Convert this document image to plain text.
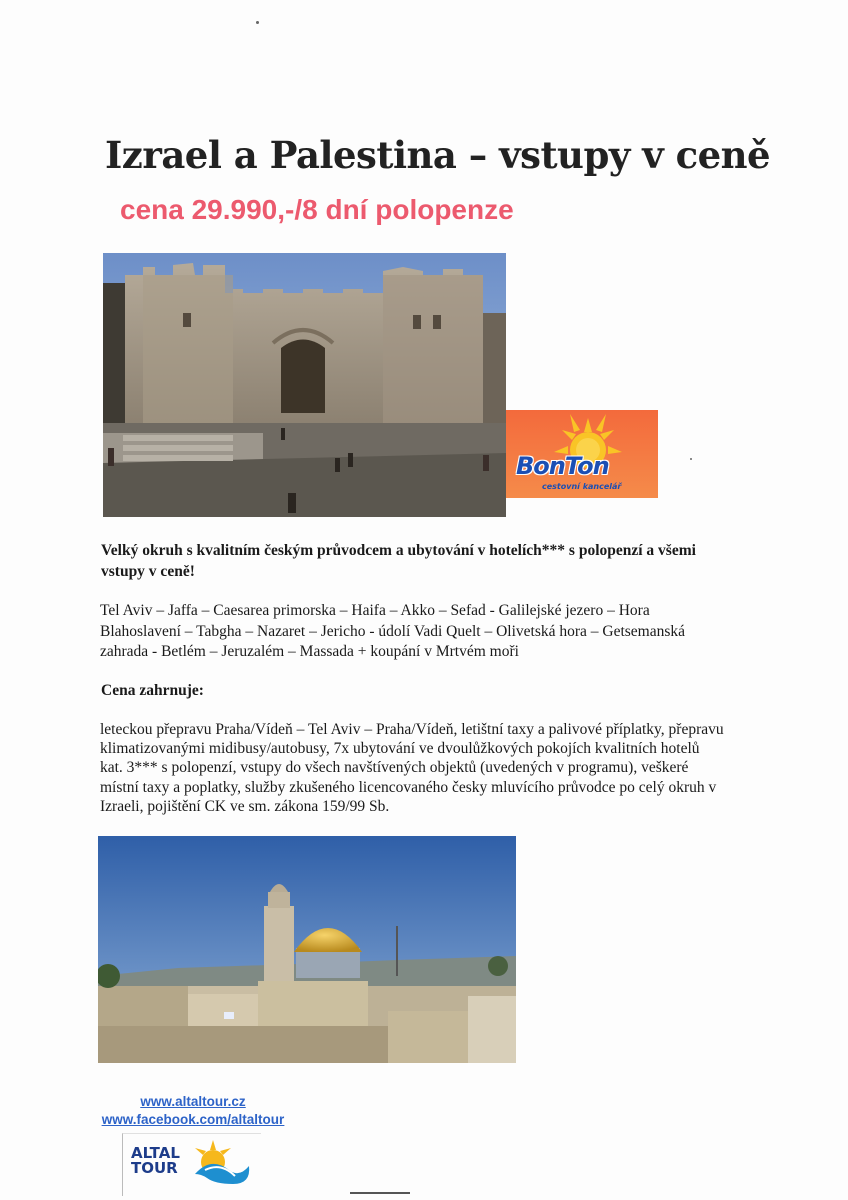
Izrael a Palestina – vstupy v ceně
cena 29.990,-/8 dní polopenze
BonTon
cestovní kancelář
Velký okruh s kvalitním českým průvodcem a ubytování v hotelích*** s polopenzí a všemi vstupy v ceně!
Tel Aviv – Jaffa – Caesarea primorska – Haifa – Akko – Sefad - Galilejské jezero – Hora Blahoslavení – Tabgha – Nazaret – Jericho - údolí Vadi Quelt – Olivetská hora – Getsemanská zahrada - Betlém – Jeruzalém – Massada + koupání v Mrtvém moři
Cena zahrnuje:
leteckou přepravu Praha/Vídeň – Tel Aviv – Praha/Vídeň, letištní taxy a palivové příplatky, přepravu klimatizovanými midibusy/autobusy, 7x ubytování ve dvoulůžkových pokojích kvalitních hotelů kat. 3*** s polopenzí, vstupy do všech navštívených objektů (uvedených v programu), veškeré místní taxy a poplatky, služby zkušeného licencovaného česky mluvícího průvodce po celý okruh v Izraeli, pojištění CK ve sm. zákona 159/99 Sb.
www.altaltour.cz
www.facebook.com/altaltour
ALTAL
TOUR
